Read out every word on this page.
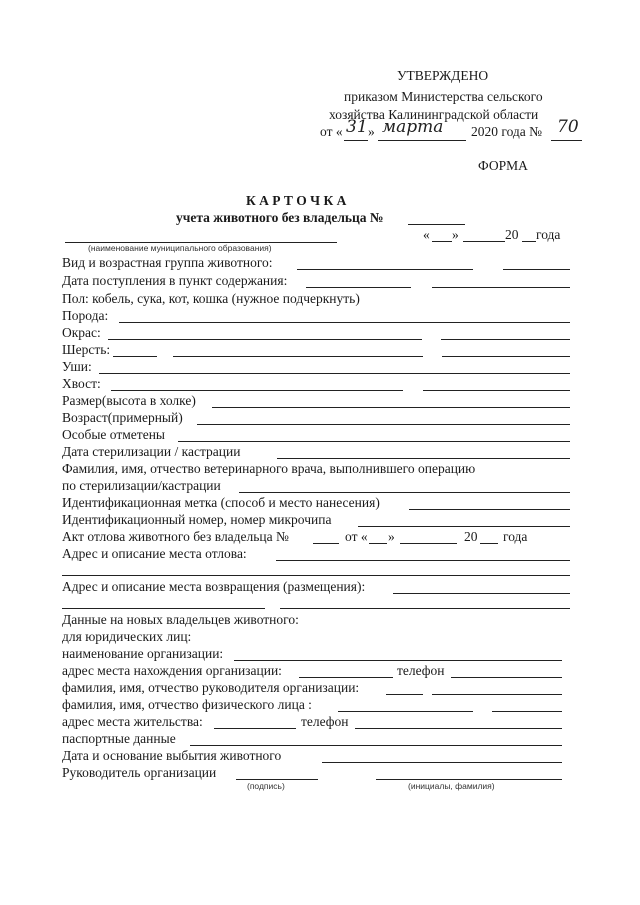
УТВЕРЖДЕНО
приказом Министерства сельского
хозяйства Калининградской области
от « 31 » марта 2020 года № 70
ФОРМА
К А Р Т О Ч К А
учета животного без владельца №
(наименование муниципального образования)
« »	20 года
Вид и возрастная группа животного:
Дата поступления в пункт содержания:
Пол: кобель, сука, кот, кошка (нужное подчеркнуть)
Порода:
Окрас:
Шерсть:
Уши:
Хвост:
Размер(высота в холке)
Возраст(примерный)
Особые отметены
Дата стерилизации / кастрации
Фамилия, имя, отчество ветеринарного врача, выполнившего операцию
по стерилизации/кастрации
Идентификационная метка (способ и место нанесения)
Идентификационный номер, номер микрочипа
Акт отлова животного без владельца №	от « »	20 года
Адрес и описание места отлова:
Адрес и описание места возвращения (размещения):
Данные на новых владельцев животного:
для юридических лиц:
наименование организации:
адрес места нахождения организации:	телефон
фамилия, имя, отчество руководителя организации:
фамилия, имя, отчество физического лица :
адрес места жительства:	телефон
паспортные данные
Дата и основание выбытия животного
Руководитель организации
(подпись)	(инициалы, фамилия)
